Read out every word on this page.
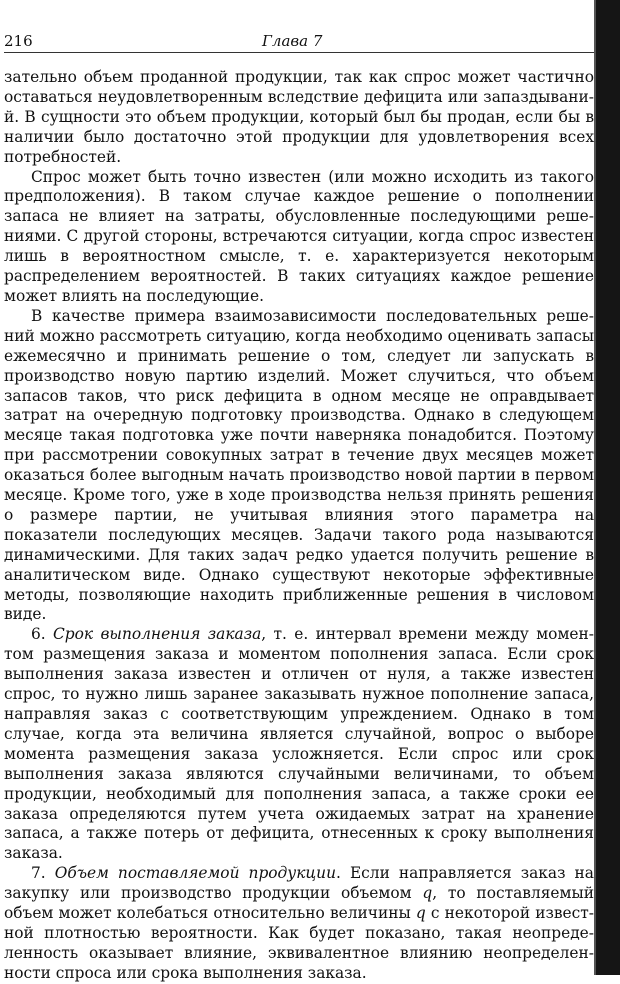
216	Глава 7

зательно объем проданной продукции, так как спрос может частично оставаться неудовлетворенным вследствие дефицита или запаздываний. В сущности это объем продукции, который был бы продан, если бы в наличии было достаточно этой продукции для удовлетворения всех потребностей.

Спрос может быть точно известен (или можно исходить из такого предположения). В таком случае каждое решение о пополнении запаса не влияет на затраты, обусловленные последующими решениями. С другой стороны, встречаются ситуации, когда спрос известен лишь в вероятностном смысле, т. е. характеризуется некоторым распределением вероятностей. В таких ситуациях каждое решение может влиять на последующие.

В качестве примера взаимозависимости последовательных решений можно рассмотреть ситуацию, когда необходимо оценивать запасы ежемесячно и принимать решение о том, следует ли запускать в производство новую партию изделий. Может случиться, что объем запасов таков, что риск дефицита в одном месяце не оправдывает затрат на очередную подготовку производства. Однако в следующем месяце такая подготовка уже почти наверняка понадобится. Поэтому при рассмотрении совокупных затрат в течение двух месяцев может оказаться более выгодным начать производство новой партии в первом месяце. Кроме того, уже в ходе производства нельзя принять решения о размере партии, не учитывая влияния этого параметра на показатели последующих месяцев. Задачи такого рода называются динамическими. Для таких задач редко удается получить решение в аналитическом виде. Однако существуют некоторые эффективные методы, позволяющие находить приближенные решения в числовом виде.

6. Срок выполнения заказа, т. е. интервал времени между моментом размещения заказа и моментом пополнения запаса. Если срок выполнения заказа известен и отличен от нуля, а также известен спрос, то нужно лишь заранее заказывать нужное пополнение запаса, направляя заказ с соответствующим упреждением. Однако в том случае, когда эта величина является случайной, вопрос о выборе момента размещения заказа усложняется. Если спрос или срок выполнения заказа являются случайными величинами, то объем продукции, необходимый для пополнения запаса, а также сроки ее заказа определяются путем учета ожидаемых затрат на хранение запаса, а также потерь от дефицита, отнесенных к сроку выполнения заказа.

7. Объем поставляемой продукции. Если направляется заказ на закупку или производство продукции объемом q, то поставляемый объем может колебаться относительно величины q с некоторой известной плотностью вероятности. Как будет показано, такая неопределенность оказывает влияние, эквивалентное влиянию неопределенности спроса или срока выполнения заказа.
